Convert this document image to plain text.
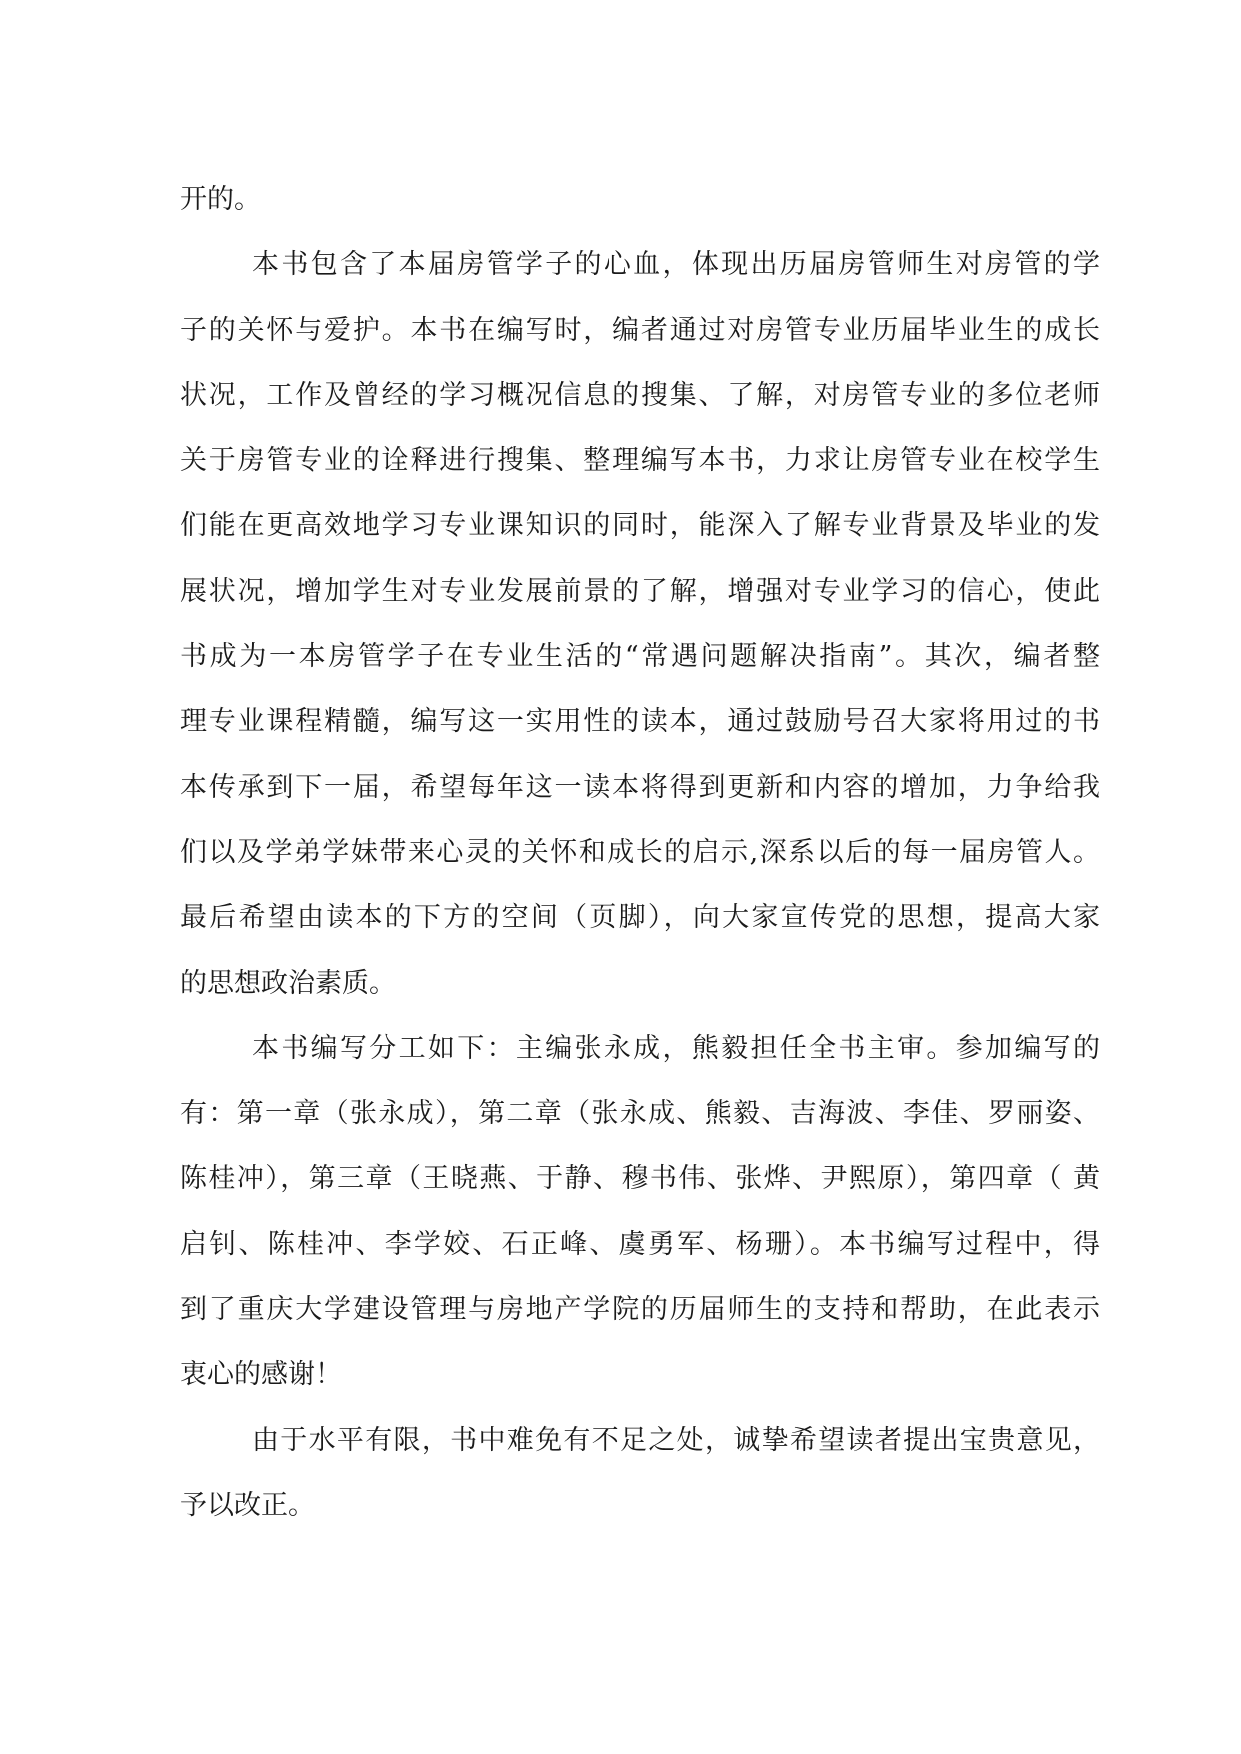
开的。
本书包含了本届房管学子的心血，体现出历届房管师生对房管的学
子的关怀与爱护。本书在编写时，编者通过对房管专业历届毕业生的成长
状况，工作及曾经的学习概况信息的搜集、了解，对房管专业的多位老师
关于房管专业的诠释进行搜集、整理编写本书，力求让房管专业在校学生
们能在更高效地学习专业课知识的同时，能深入了解专业背景及毕业的发
展状况，增加学生对专业发展前景的了解，增强对专业学习的信心，使此
书成为一本房管学子在专业生活的“常遇问题解决指南”。其次，编者整
理专业课程精髓，编写这一实用性的读本，通过鼓励号召大家将用过的书
本传承到下一届，希望每年这一读本将得到更新和内容的增加，力争给我
们以及学弟学妹带来心灵的关怀和成长的启示,深系以后的每一届房管人。
最后希望由读本的下方的空间（页脚），向大家宣传党的思想，提高大家
的思想政治素质。
本书编写分工如下：主编张永成，熊毅担任全书主审。参加编写的
有：第一章（张永成），第二章（张永成、熊毅、吉海波、李佳、罗丽姿、
陈桂冲），第三章（王晓燕、于静、穆书伟、张烨、尹熙原），第四章（ 黄
启钊、陈桂冲、李学姣、石正峰、虞勇军、杨珊）。本书编写过程中，得
到了重庆大学建设管理与房地产学院的历届师生的支持和帮助，在此表示
衷心的感谢！
由于水平有限，书中难免有不足之处，诚挚希望读者提出宝贵意见，
予以改正。
